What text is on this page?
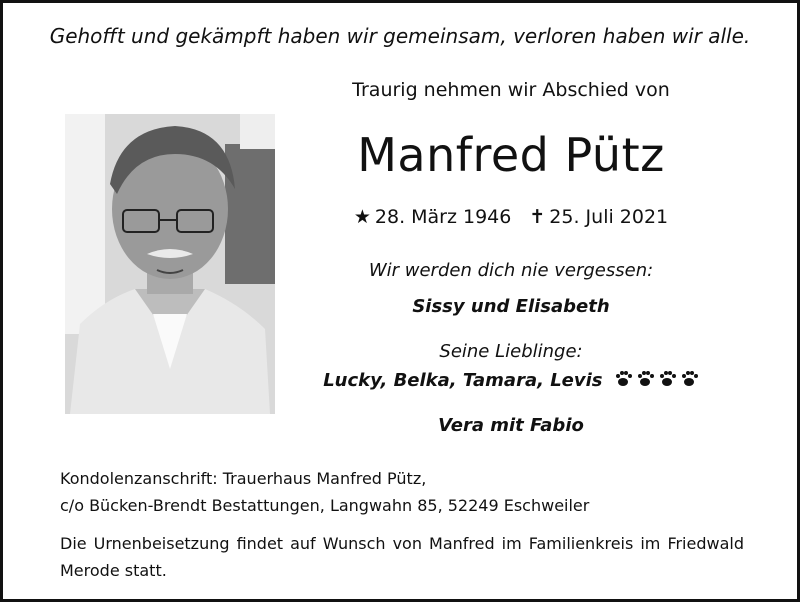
Gehofft und gekämpft haben wir gemeinsam, verloren haben wir alle.
Traurig nehmen wir Abschied von
Manfred Pütz
★ 28. März 1946 ✝ 25. Juli 2021
Wir werden dich nie vergessen:
Sissy und Elisabeth
Seine Lieblinge:
Lucky, Belka, Tamara, Levis
Vera mit Fabio
Kondolenzanschrift: Trauerhaus Manfred Pütz,
c/o Bücken-Brendt Bestattungen, Langwahn 85, 52249 Eschweiler
Die Urnenbeisetzung findet auf Wunsch von Manfred im Familienkreis im Friedwald Merode statt.
